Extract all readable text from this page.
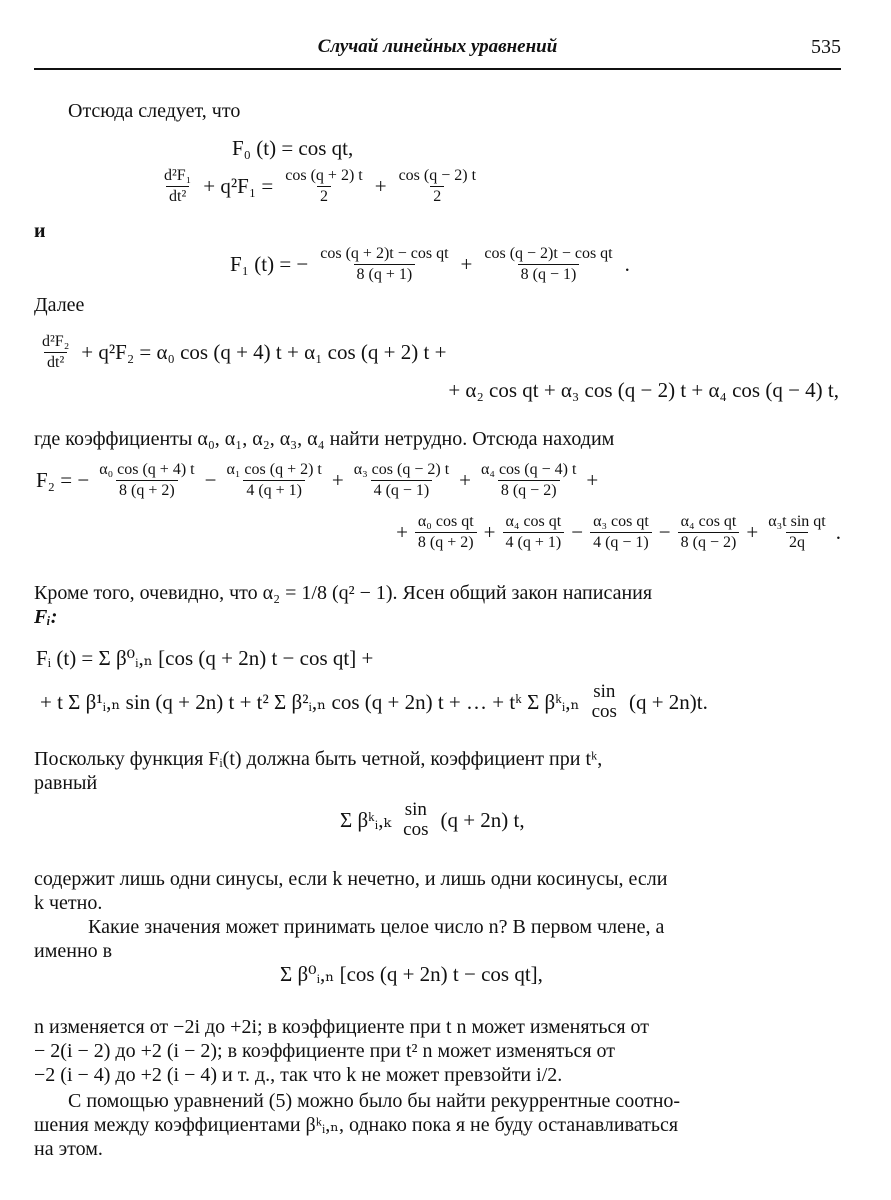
Случай линейных уравнений	535
Отсюда следует, что
F₀ (t) = cos qt,
$\frac{\text{d²F₁}}{\text{dt²}} + q^2F_1 = \frac{\cos (q + 2) t}{2} + \frac{\cos (q - 2) t}{2}$
и
F₁ (t) = − $\frac{\text{cos (q + 2)t − cos qt}}{8 (q + 1)} + \frac{\text{cos (q − 2)t − cos qt}}{8 (q - 1)}$ .
Далее
$\frac{\text{d²F₂}}{\text{dt²}} + q^2F_2 = \alpha_0$ cos (q + 4) t + α₁ cos (q + 2) t +
+ α₂ cos qt + α₃ cos (q − 2) t + α₄ cos (q − 4) t,
где коэффициенты α₀, α₁, α₂, α₃, α₄ найти нетрудно. Отсюда находим
F₂ = − $\frac{\text{α₀ cos (q + 4) t}}{8 (q + 2)} - \frac{\text{α₁ cos (q + 2) t}}{4 (q + 1)} + \frac{\text{α₃ cos (q − 2) t}}{4 (q - 1)} + \frac{\text{α₄ cos (q − 4) t}}{8 (q - 2)}$ +
+ $\frac{\text{α₀ cos qt}}{8 (q + 2)} + \frac{\text{α₄ cos qt}}{4 (q + 1)} - \frac{\text{α₃ cos qt}}{4 (q - 1)} - \frac{\text{α₄ cos qt}}{8 (q - 2)} + \frac{\text{α₃t sin qt}}{2q}$ .
Кроме того, очевидно, что α₂ = 1/8 (q² − 1). Ясен общий закон написания
Fᵢ:
Fᵢ (t) = Σ β⁰ᵢ,ₙ [cos (q + 2n) t − cos qt] +
+ t Σ β¹ᵢ,ₙ sin (q + 2n) t + t² Σ β²ᵢ,ₙ cos (q + 2n) t + … + tᵏ Σ βᵏᵢ,ₙ sin
cos (q + 2n)t.
Поскольку функция Fᵢ(t) должна быть четной, коэффициент при tᵏ,
равный
Σ βᵏᵢ,ₖ sin
cos (q + 2n) t,
содержит лишь одни синусы, если k нечетно, и лишь одни косинусы, если
k четно.
Какие значения может принимать целое число n? В первом члене, а
именно в
Σ β⁰ᵢ,ₙ [cos (q + 2n) t − cos qt],
n изменяется от −2i до +2i; в коэффициенте при t n может изменяться от
− 2(i − 2) до +2 (i − 2); в коэффициенте при t² n может изменяться от
−2 (i − 4) до +2 (i − 4) и т. д., так что k не может превзойти i/2.
С помощью уравнений (5) можно было бы найти рекуррентные соотно-
шения между коэффициентами βᵏᵢ,ₙ, однако пока я не буду останавливаться
на этом.
